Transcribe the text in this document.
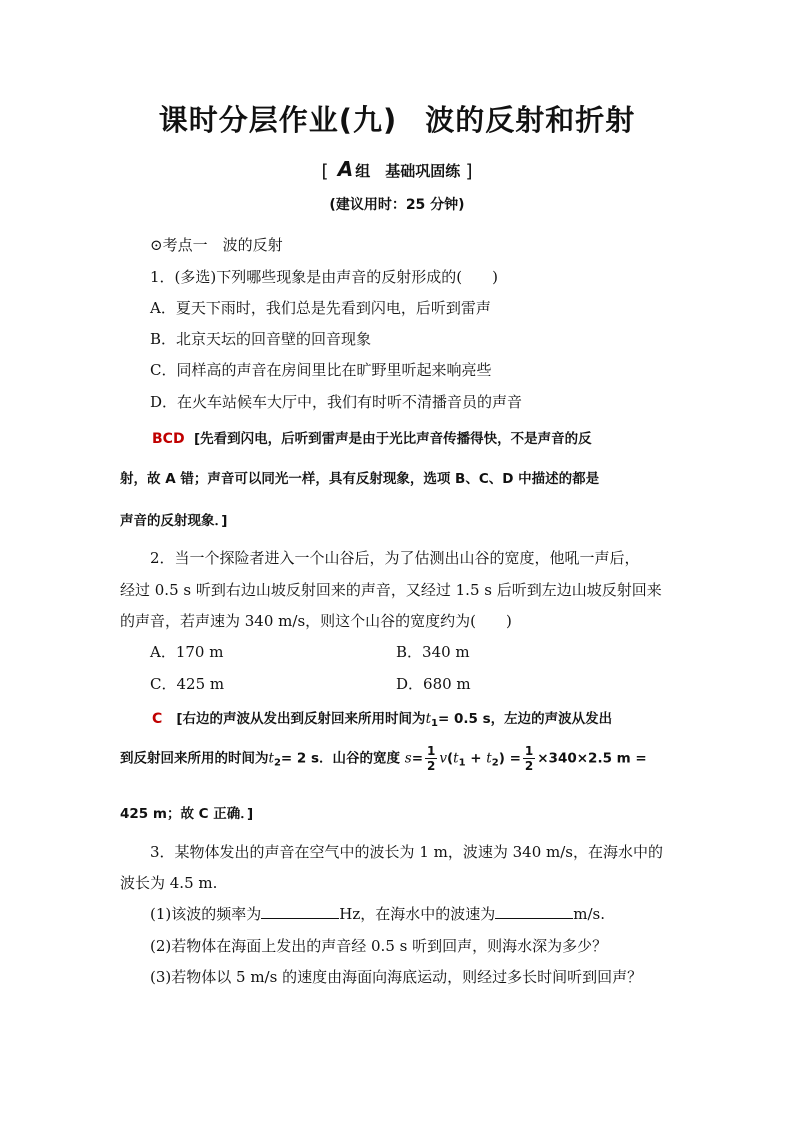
课时分层作业(九) 波的反射和折射
[ A 组　基础巩固练 ]
(建议用时：25 分钟)
⊙考点一　波的反射
1．(多选)下列哪些现象是由声音的反射形成的(　　)
A．夏天下雨时，我们总是先看到闪电，后听到雷声
B．北京天坛的回音壁的回音现象
C．同样高的声音在房间里比在旷野里听起来响亮些
D．在火车站候车大厅中，我们有时听不清播音员的声音
BCD [先看到闪电，后听到雷声是由于光比声音传播得快，不是声音的反
射，故 A 错；声音可以同光一样，具有反射现象，选项 B、C、D 中描述的都是
声音的反射现象．]
2．当一个探险者进入一个山谷后，为了估测出山谷的宽度，他吼一声后，
经过 0.5 s 听到右边山坡反射回来的声音，又经过 1.5 s 后听到左边山坡反射回来
的声音，若声速为 340 m/s，则这个山谷的宽度约为(　　)
A．170 m	B．340 m
C．425 m	D．680 m
C [右边的声波从发出到反射回来所用时间为$t_1= 0.5$ s，左边的声波从发出
到反射回来所用的时间为$t_2= 2$ s．山谷的宽度 $s= \frac{1}{2} v(t_1 + t_2) = \frac{1}{2} \times 340\times 2.5$ m =
425 m；故 C 正确．]
3．某物体发出的声音在空气中的波长为 1 m，波速为 340 m/s，在海水中的
波长为 4.5 m.
(1)该波的频率为	Hz，在海水中的波速为	m/s.
(2)若物体在海面上发出的声音经 0.5 s 听到回声，则海水深为多少？
(3)若物体以 5 m/s 的速度由海面向海底运动，则经过多长时间听到回声？
